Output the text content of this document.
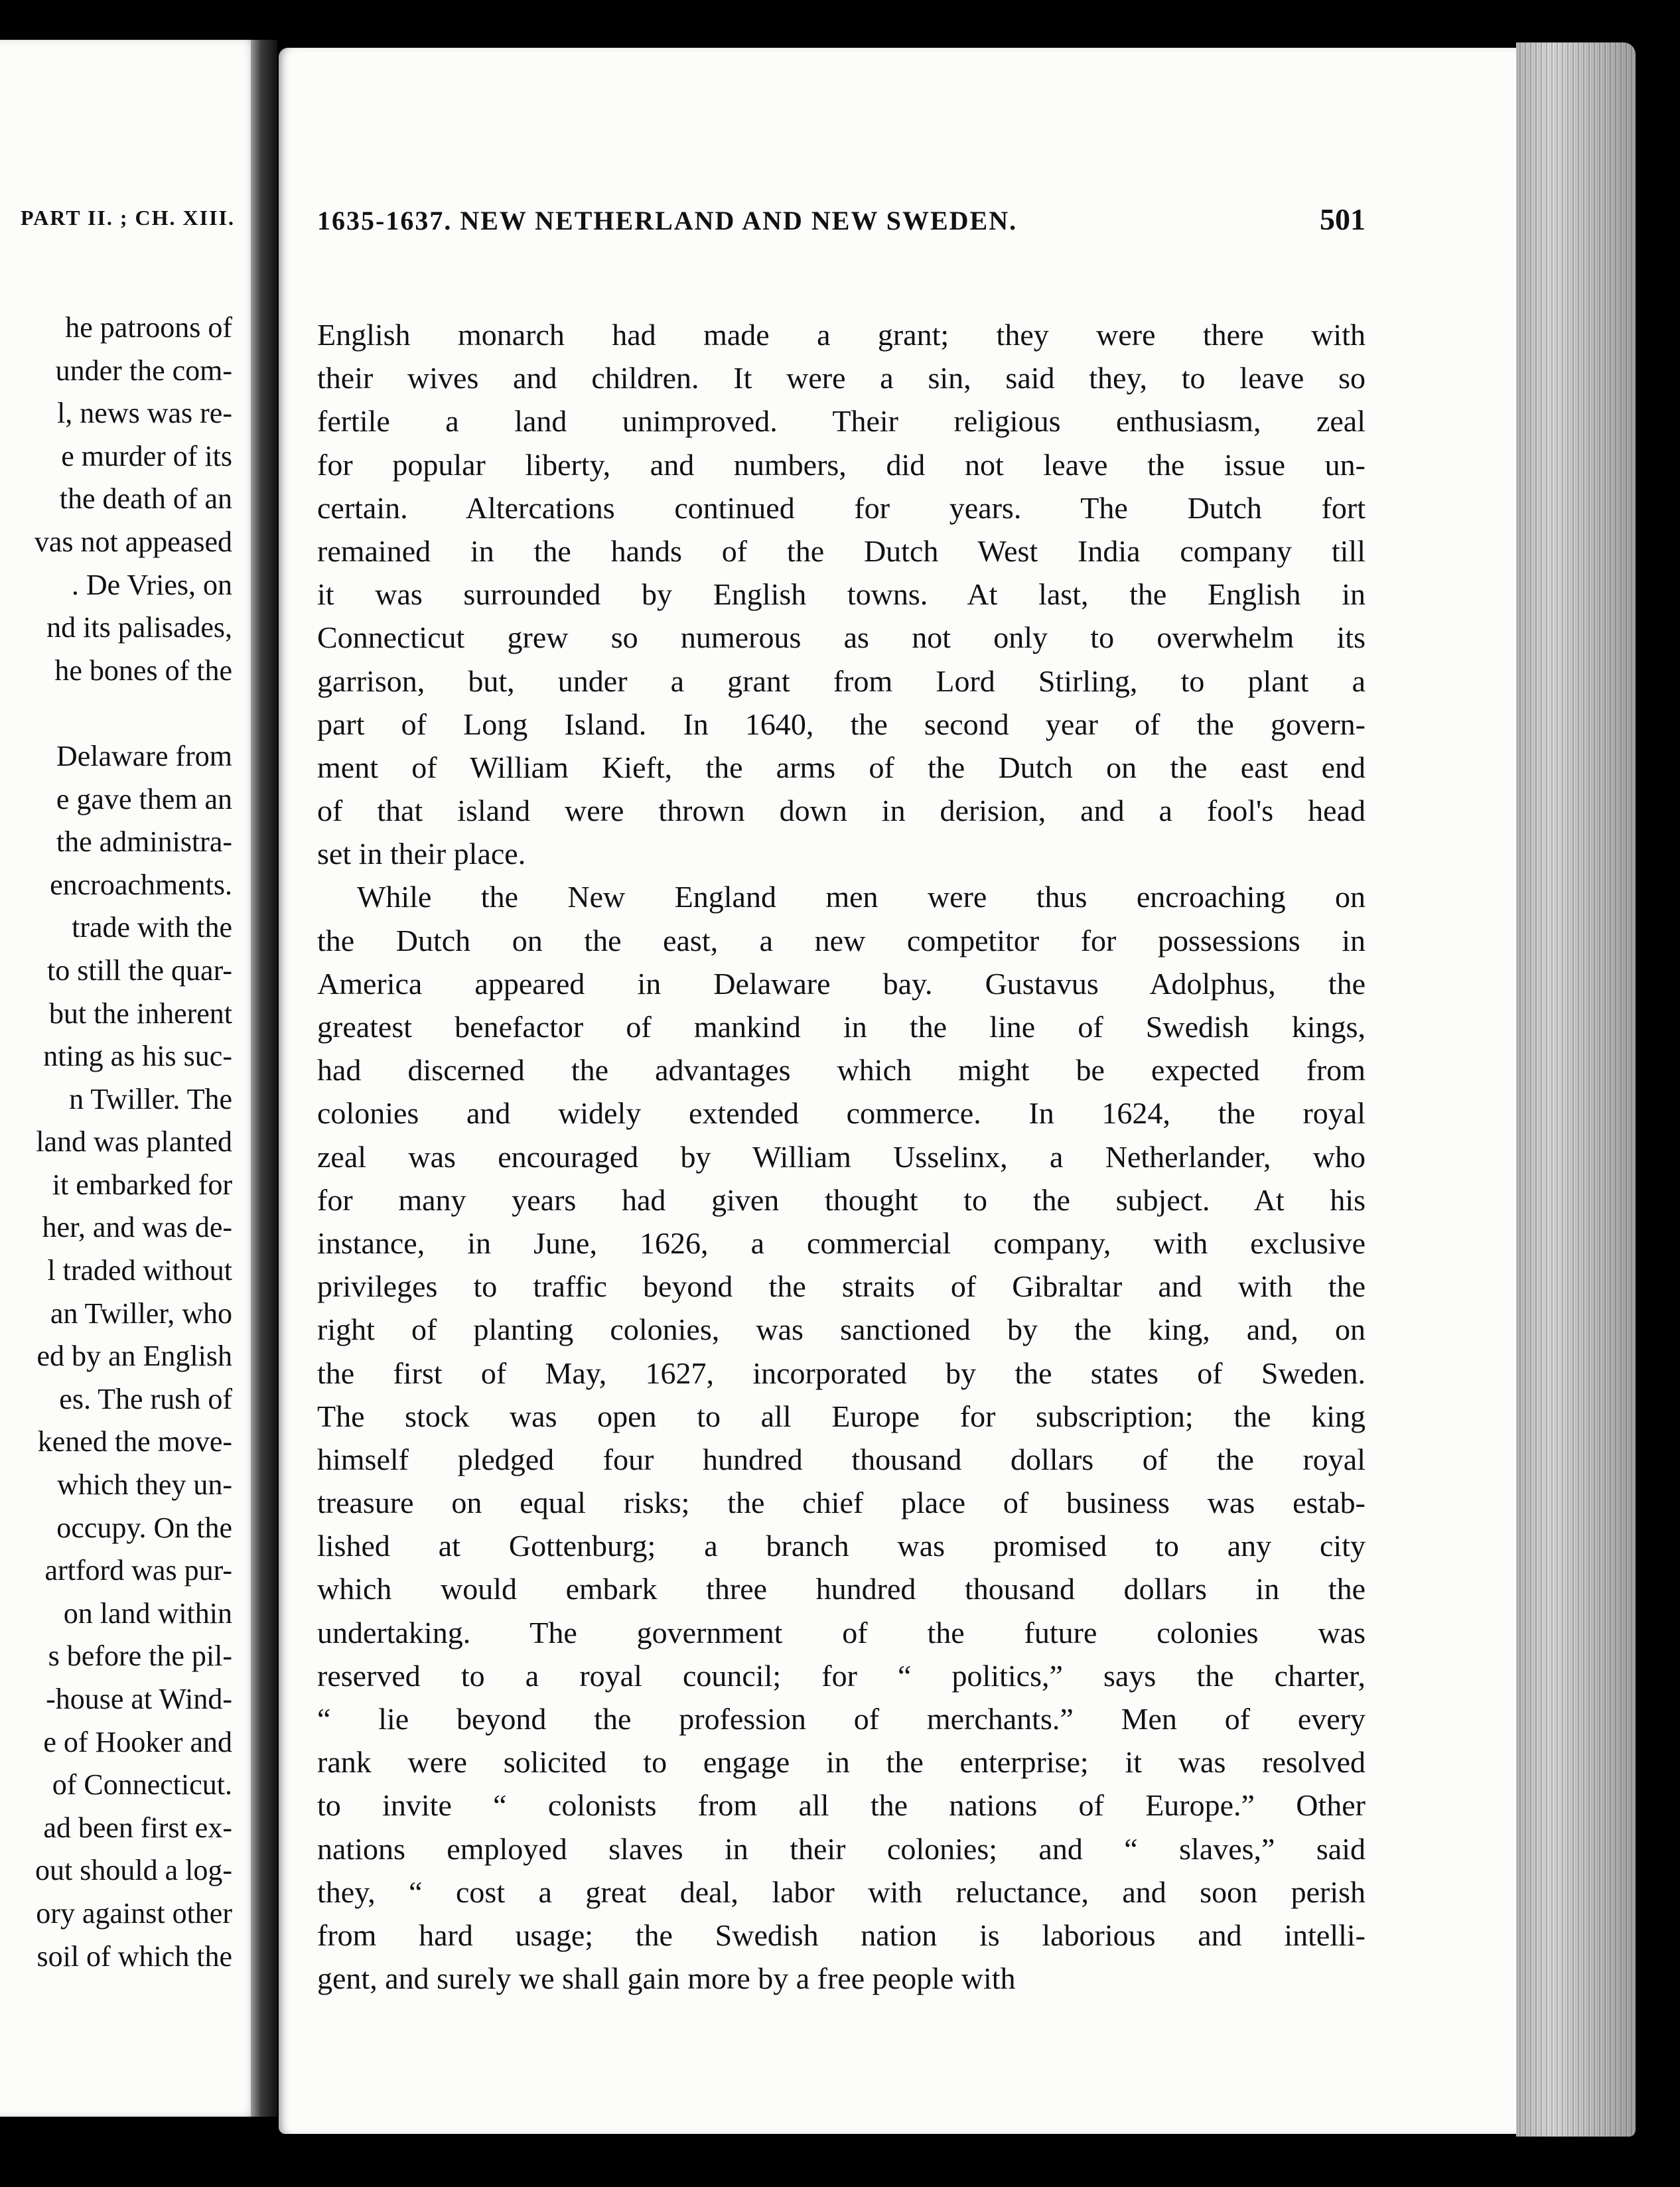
PART II. ; CH. XIII.
he patroons of
under the com-
l, news was re-
e murder of its
the death of an
vas not appeased
. De Vries, on
nd its palisades,
he bones of the
Delaware from
e gave them an
the administra-
encroachments.
trade with the
to still the quar-
but the inherent
nting as his suc-
n Twiller. The
land was planted
it embarked for
her, and was de-
l traded without
an Twiller, who
ed by an English
es. The rush of
kened the move-
which they un-
occupy. On the
artford was pur-
on land within
s before the pil-
-house at Wind-
e of Hooker and
of Connecticut.
ad been first ex-
out should a log-
ory against other
soil of which the
1635-1637. NEW NETHERLAND AND NEW SWEDEN.	501
English monarch had made a grant; they were there with
their wives and children. It were a sin, said they, to leave so
fertile a land unimproved. Their religious enthusiasm, zeal
for popular liberty, and numbers, did not leave the issue un-
certain. Altercations continued for years. The Dutch fort
remained in the hands of the Dutch West India company till
it was surrounded by English towns. At last, the English in
Connecticut grew so numerous as not only to overwhelm its
garrison, but, under a grant from Lord Stirling, to plant a
part of Long Island. In 1640, the second year of the govern-
ment of William Kieft, the arms of the Dutch on the east end
of that island were thrown down in derision, and a fool's head
set in their place.
While the New England men were thus encroaching on
the Dutch on the east, a new competitor for possessions in
America appeared in Delaware bay. Gustavus Adolphus, the
greatest benefactor of mankind in the line of Swedish kings,
had discerned the advantages which might be expected from
colonies and widely extended commerce. In 1624, the royal
zeal was encouraged by William Usselinx, a Netherlander, who
for many years had given thought to the subject. At his
instance, in June, 1626, a commercial company, with exclusive
privileges to traffic beyond the straits of Gibraltar and with the
right of planting colonies, was sanctioned by the king, and, on
the first of May, 1627, incorporated by the states of Sweden.
The stock was open to all Europe for subscription; the king
himself pledged four hundred thousand dollars of the royal
treasure on equal risks; the chief place of business was estab-
lished at Gottenburg; a branch was promised to any city
which would embark three hundred thousand dollars in the
undertaking. The government of the future colonies was
reserved to a royal council; for “ politics,” says the charter,
“ lie beyond the profession of merchants.” Men of every
rank were solicited to engage in the enterprise; it was resolved
to invite “ colonists from all the nations of Europe.” Other
nations employed slaves in their colonies; and “ slaves,” said
they, “ cost a great deal, labor with reluctance, and soon perish
from hard usage; the Swedish nation is laborious and intelli-
gent, and surely we shall gain more by a free people with
